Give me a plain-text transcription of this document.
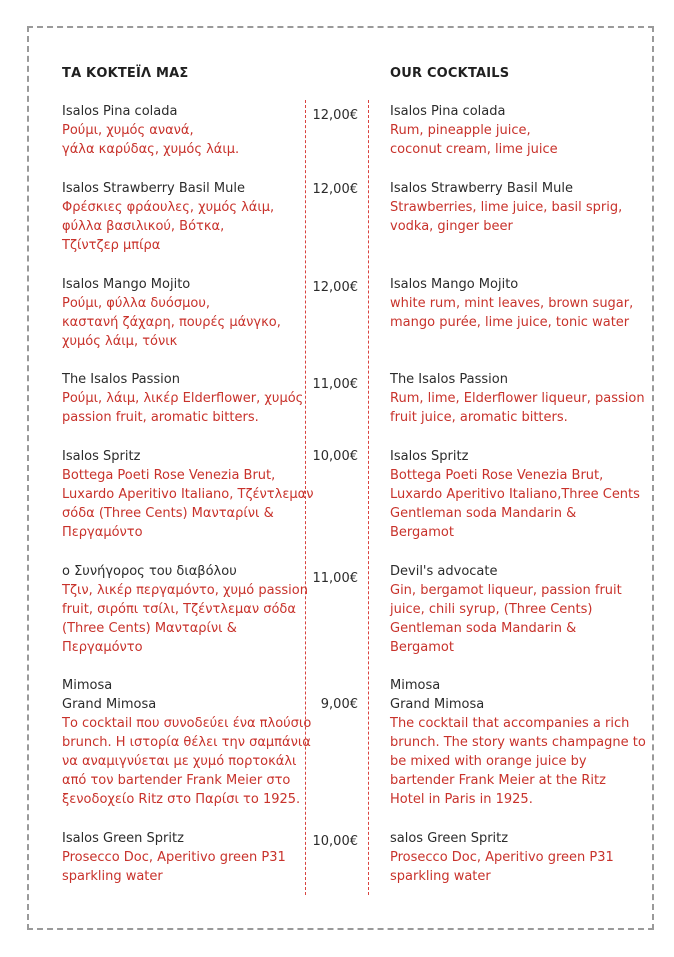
ΤΑ ΚΟΚΤΕΪΛ ΜΑΣ	OUR COCKTAILS
Isalos Pina colada
Ρούμι, χυμός ανανά,
γάλα καρύδας, χυμός λάιμ.
12,00€ Isalos Pina colada
Rum, pineapple juice,
coconut cream, lime juice
Isalos Strawberry Basil Mule
Φρέσκιες φράουλες, χυμός λάιμ,
φύλλα βασιλικού, Βότκα,
Τζίντζερ μπίρα
12,00€ Isalos Strawberry Basil Mule
Strawberries, lime juice, basil sprig,
vodka, ginger beer
Isalos Mango Mojito
Ρούμι, φύλλα δυόσμου,
καστανή ζάχαρη, πουρές μάνγκο,
χυμός λάιμ, τόνικ
12,00€ Isalos Mango Mojito
white rum, mint leaves, brown sugar,
mango purée, lime juice, tonic water
The Isalos Passion
Ρούμι, λάιμ, λικέρ Elderflower, χυμός
passion fruit, aromatic bitters.
11,00€ The Isalos Passion
Rum, lime, Elderflower liqueur, passion
fruit juice, aromatic bitters.
Isalos Spritz
Bottega Poeti Rose Venezia Brut,
Luxardo Aperitivo Italiano, Τζέντλεμαν
σόδα (Three Cents) Μανταρίνι &
Περγαμόντο
10,00€ Isalos Spritz
Bottega Poeti Rose Venezia Brut,
Luxardo Aperitivo Italiano,Three Cents
Gentleman soda Mandarin &
Bergamot
ο Συνήγορος του διαβόλου
Τζιν, λικέρ περγαμόντο, χυμό passion
fruit, σιρόπι τσίλι, Τζέντλεμαν σόδα
(Three Cents) Μανταρίνι &
Περγαμόντο
11,00€ Devil's advocate
Gin, bergamot liqueur, passion fruit
juice, chili syrup, (Three Cents)
Gentleman soda Mandarin &
Bergamot
Mimosa
Grand Mimosa
Το cocktail που συνοδεύει ένα πλούσιο
brunch. Η ιστορία θέλει την σαμπάνια
να αναμιγνύεται με χυμό πορτοκάλι
από τον bartender Frank Meier στο
ξενοδοχείο Ritz στο Παρίσι το 1925.
9,00€
Mimosa
Grand Mimosa
The cocktail that accompanies a rich
brunch. The story wants champagne to
be mixed with orange juice by
bartender Frank Meier at the Ritz
Hotel in Paris in 1925.
Isalos Green Spritz
Prosecco Doc, Aperitivo green P31
sparkling water
10,00€ salos Green Spritz
Prosecco Doc, Aperitivo green P31
sparkling water
